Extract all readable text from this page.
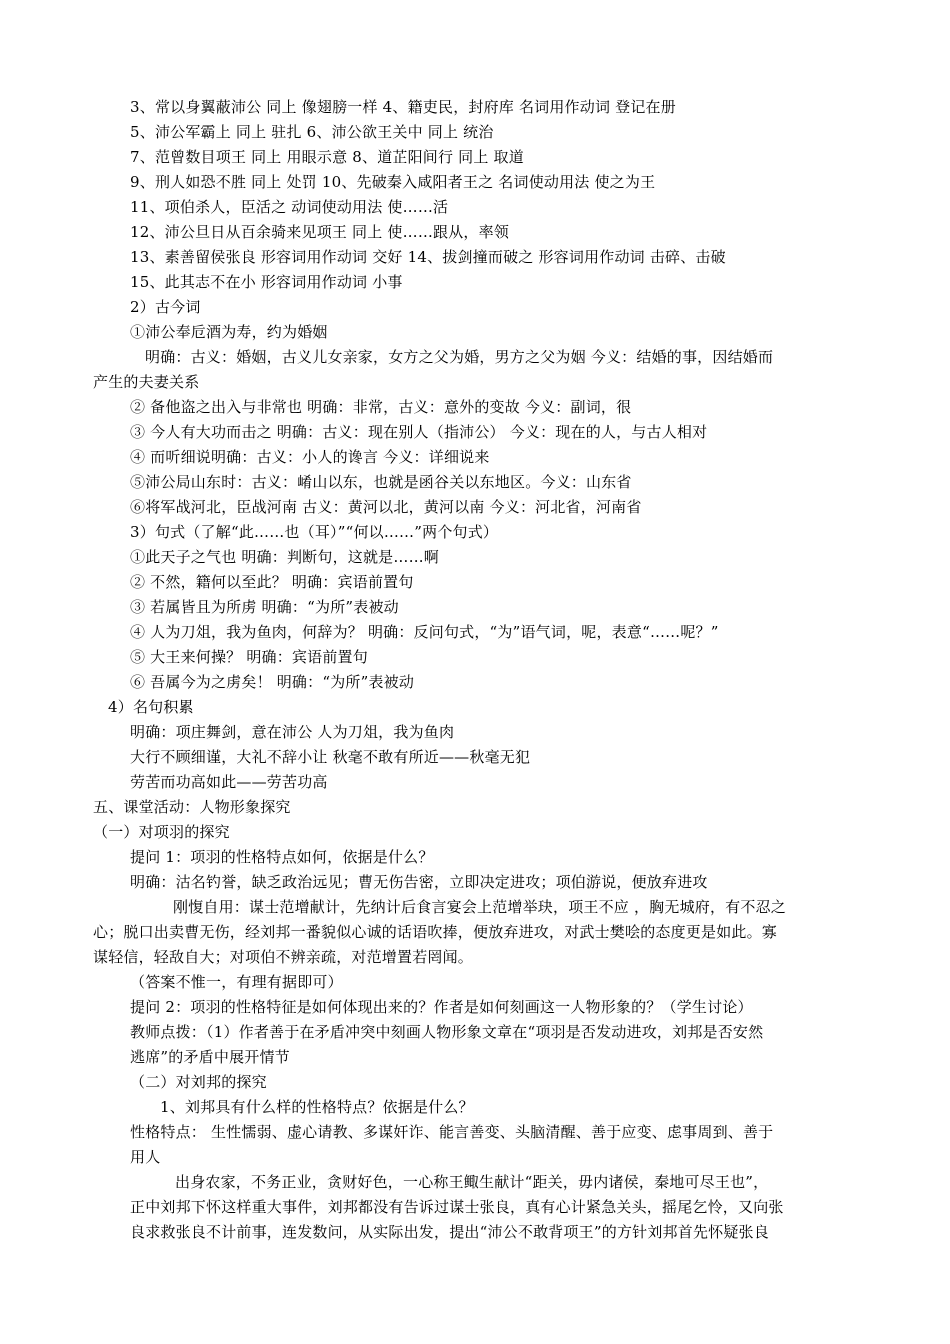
3、常以身翼蔽沛公 同上 像翅膀一样 4、籍吏民，封府库 名词用作动词 登记在册
5、沛公军霸上 同上 驻扎 6、沛公欲王关中 同上 统治
7、范曾数目项王 同上 用眼示意 8、道芷阳间行 同上 取道
9、刑人如恐不胜 同上 处罚 10、先破秦入咸阳者王之 名词使动用法 使之为王
11、项伯杀人，臣活之 动词使动用法 使……活
12、沛公旦日从百余骑来见项王 同上 使……跟从，率领
13、素善留侯张良 形容词用作动词 交好 14、拔剑撞而破之 形容词用作动词 击碎、击破
15、此其志不在小 形容词用作动词 小事
2）古今词
①沛公奉卮酒为寿，约为婚姻
明确：古义：婚姻，古义儿女亲家，女方之父为婚，男方之父为姻 今义：结婚的事，因结婚而
产生的夫妻关系
② 备他盗之出入与非常也 明确：非常，古义：意外的变故 今义：副词，很
③ 今人有大功而击之 明确：古义：现在别人（指沛公） 今义：现在的人，与古人相对
④ 而听细说明确：古义：小人的谗言 今义：详细说来
⑤沛公局山东时：古义：崤山以东，也就是函谷关以东地区。今义：山东省
⑥将军战河北，臣战河南 古义：黄河以北，黄河以南 今义：河北省，河南省
3）句式（了解“此……也（耳）”“何以……”两个句式）
①此天子之气也 明确：判断句，这就是……啊
② 不然，籍何以至此？ 明确：宾语前置句
③ 若属皆且为所虏 明确：“为所”表被动
④ 人为刀俎，我为鱼肉，何辞为？ 明确：反问句式，“为”语气词，呢，表意“……呢？”
⑤ 大王来何操？ 明确：宾语前置句
⑥ 吾属今为之虏矣！ 明确：“为所”表被动
4）名句积累
明确：项庄舞剑，意在沛公 人为刀俎，我为鱼肉
大行不顾细谨，大礼不辞小让 秋毫不敢有所近——秋毫无犯
劳苦而功高如此——劳苦功高
五、课堂活动：人物形象探究
（一）对项羽的探究
提问 1：项羽的性格特点如何，依据是什么？
明确：沽名钓誉，缺乏政治远见；曹无伤告密，立即决定进攻；项伯游说，便放弃进攻
刚愎自用：谋士范增献计，先纳计后食言宴会上范增举玦，项王不应 ，胸无城府，有不忍之
心；脱口出卖曹无伤，经刘邦一番貌似心诚的话语吹捧，便放弃进攻，对武士樊哙的态度更是如此。寡
谋轻信，轻敌自大；对项伯不辨亲疏，对范增置若罔闻。
（答案不惟一，有理有据即可）
提问 2：项羽的性格特征是如何体现出来的？作者是如何刻画这一人物形象的？（学生讨论）
教师点拨：（1）作者善于在矛盾冲突中刻画人物形象文章在“项羽是否发动进攻，刘邦是否安然
逃席”的矛盾中展开情节
（二）对刘邦的探究
1、刘邦具有什么样的性格特点？依据是什么？
性格特点： 生性懦弱、虚心请教、多谋奸诈、能言善变、头脑清醒、善于应变、虑事周到、善于
用人
出身农家，不务正业，贪财好色，一心称王鲰生献计“距关，毋内诸侯，秦地可尽王也”，
正中刘邦下怀这样重大事件，刘邦都没有告诉过谋士张良，真有心计紧急关头，摇尾乞怜，又向张
良求救张良不计前事，连发数问，从实际出发，提出“沛公不敢背项王”的方针刘邦首先怀疑张良
